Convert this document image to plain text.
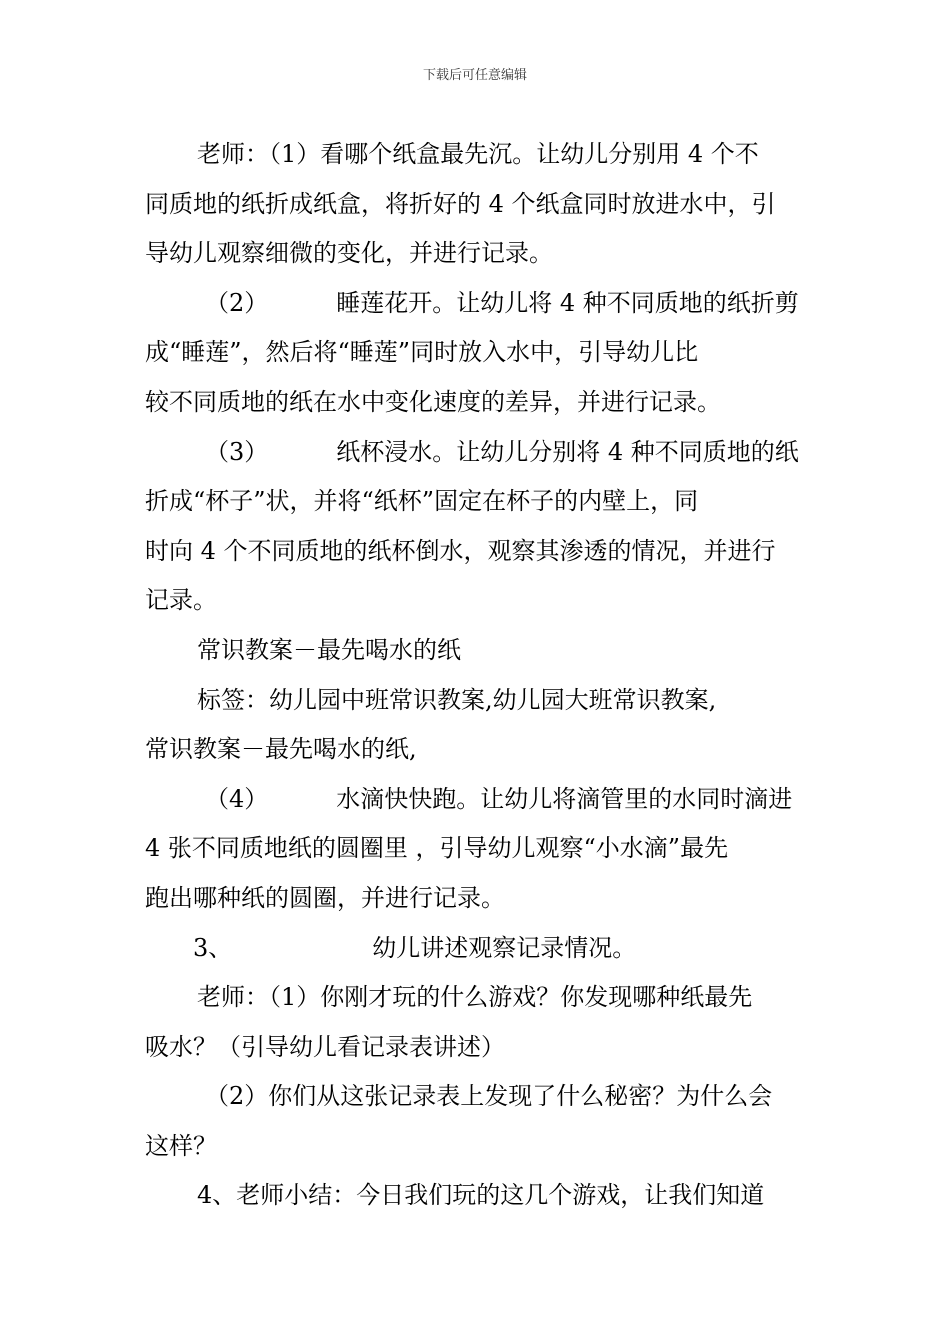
下载后可任意编辑
老师：（1）看哪个纸盒最先沉。让幼儿分别用 4 个不
同质地的纸折成纸盒，将折好的 4 个纸盒同时放进水中，引
导幼儿观察细微的变化，并进行记录。
（2）	睡莲花开。让幼儿将 4 种不同质地的纸折剪
成“睡莲”，然后将“睡莲”同时放入水中，引导幼儿比
较不同质地的纸在水中变化速度的差异，并进行记录。
（3）	纸杯浸水。让幼儿分别将 4 种不同质地的纸
折成“杯子”状，并将“纸杯”固定在杯子的内壁上，同
时向 4 个不同质地的纸杯倒水，观察其渗透的情况，并进行
记录。
常识教案－最先喝水的纸
标签：幼儿园中班常识教案,幼儿园大班常识教案,
常识教案－最先喝水的纸,
（4）	水滴快快跑。让幼儿将滴管里的水同时滴进
4 张不同质地纸的圆圈里 ，引导幼儿观察“小水滴”最先
跑出哪种纸的圆圈，并进行记录。
3、	幼儿讲述观察记录情况。
老师：（1）你刚才玩的什么游戏？你发现哪种纸最先
吸水？（引导幼儿看记录表讲述）
（2）你们从这张记录表上发现了什么秘密？为什么会
这样？
4、老师小结：今日我们玩的这几个游戏，让我们知道
